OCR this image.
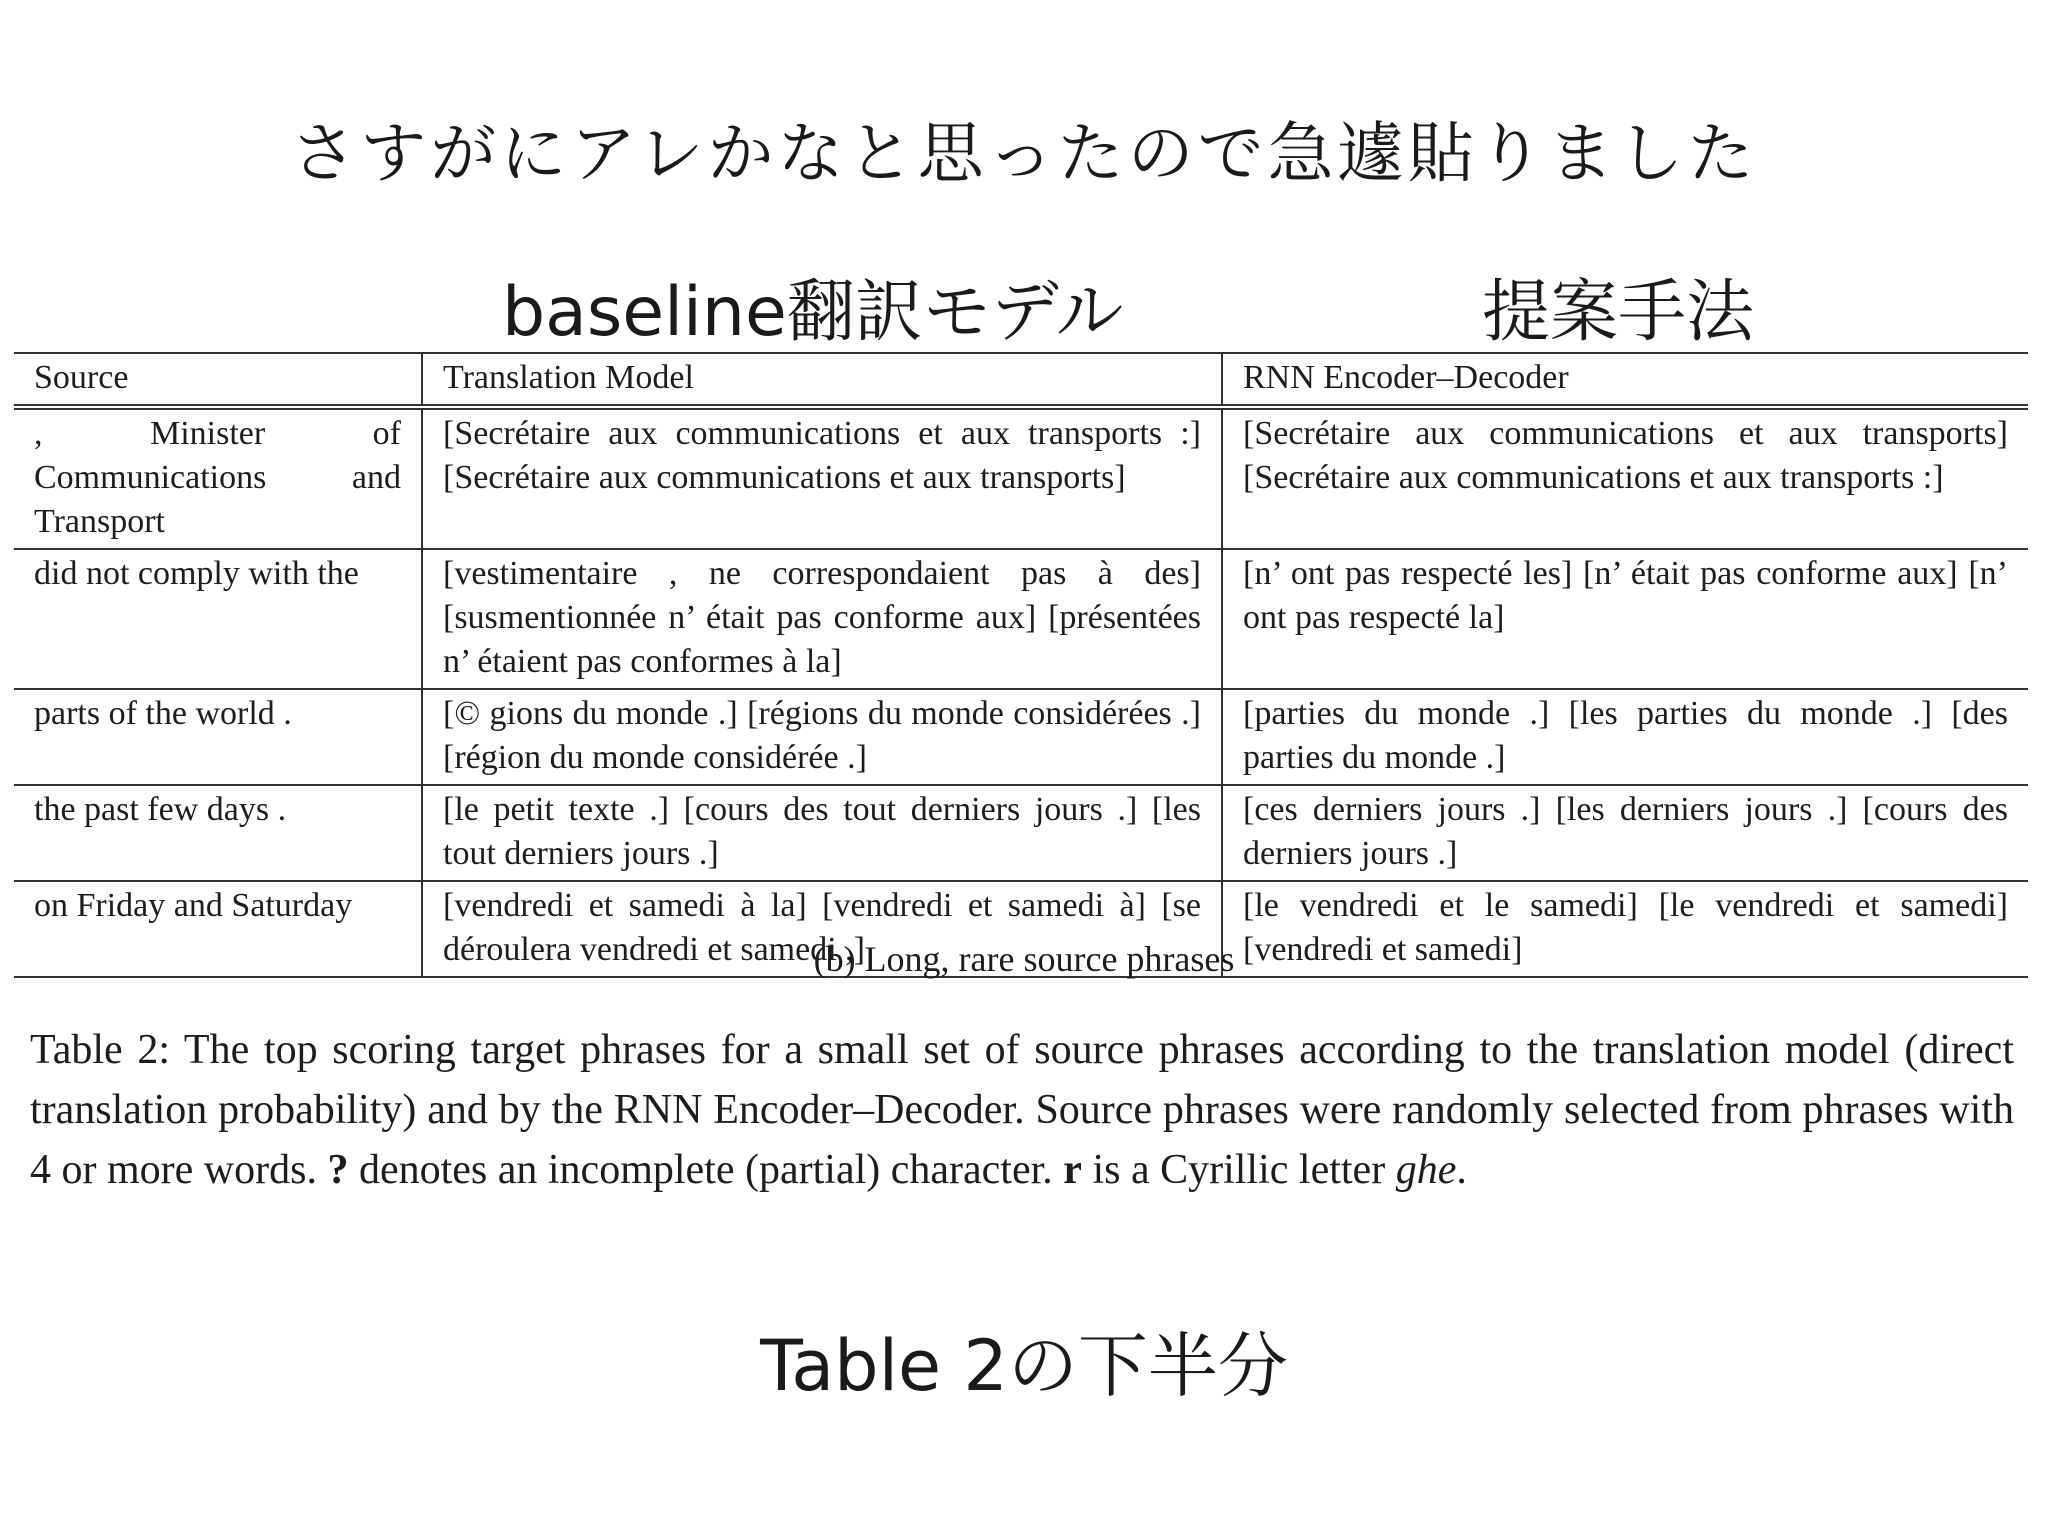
さすがにアレかなと思ったので急遽貼りました
baseline翻訳モデル	提案手法
Source	Translation Model	RNN Encoder–Decoder
, Minister of Communications and Transport	[Secrétaire aux communications et aux transports :] [Secrétaire aux communications et aux transports]	[Secrétaire aux communications et aux transports] [Secrétaire aux communications et aux transports :]
did not comply with the	[vestimentaire , ne correspondaient pas à des] [susmentionnée n’ était pas conforme aux] [présentées n’ étaient pas conformes à la]	[n’ ont pas respecté les] [n’ était pas conforme aux] [n’ ont pas respecté la]
parts of the world .	[© gions du monde .] [régions du monde considérées .] [région du monde considérée .]	[parties du monde .] [les parties du monde .] [des parties du monde .]
the past few days .	[le petit texte .] [cours des tout derniers jours .] [les tout derniers jours .]	[ces derniers jours .] [les derniers jours .] [cours des derniers jours .]
on Friday and Saturday	[vendredi et samedi à la] [vendredi et samedi à] [se déroulera vendredi et samedi ,]	[le vendredi et le samedi] [le vendredi et samedi] [vendredi et samedi]
(b) Long, rare source phrases
Table 2: The top scoring target phrases for a small set of source phrases according to the translation model (direct translation probability) and by the RNN Encoder–Decoder. Source phrases were randomly selected from phrases with 4 or more words. ? denotes an incomplete (partial) character. r is a Cyrillic letter ghe.
Table 2の下半分
